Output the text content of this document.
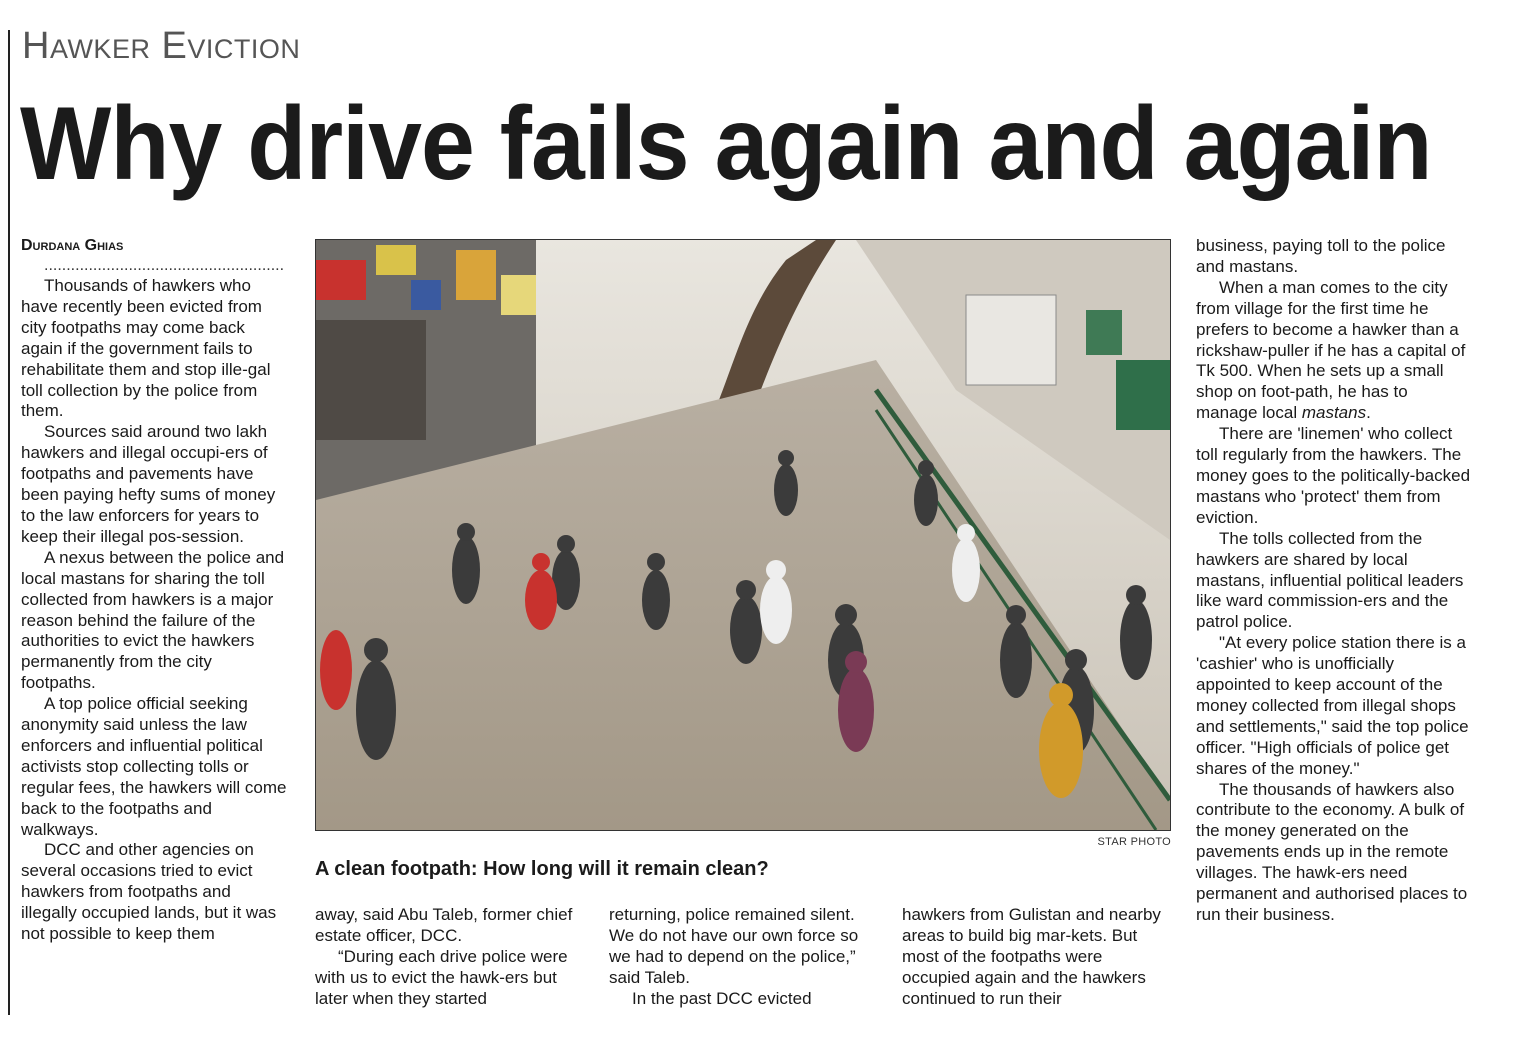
Hawker Eviction
Why drive fails again and again

Durdana Ghias

......................................................

Thousands of hawkers who have recently been evicted from city footpaths may come back again if the government fails to rehabilitate them and stop ille-gal toll collection by the police from them.

Sources said around two lakh hawkers and illegal occupi-ers of footpaths and pavements have been paying hefty sums of money to the law enforcers for years to keep their illegal pos-session.

A nexus between the police and local mastans for sharing the toll collected from hawkers is a major reason behind the failure of the authorities to evict the hawkers permanently from the city footpaths.

A top police official seeking anonymity said unless the law enforcers and influential political activists stop collecting tolls or regular fees, the hawkers will come back to the footpaths and walkways.

DCC and other agencies on several occasions tried to evict hawkers from footpaths and illegally occupied lands, but it was not possible to keep them

STAR PHOTO

A clean footpath: How long will it remain clean?

away, said Abu Taleb, former chief estate officer, DCC.

“During each drive police were with us to evict the hawk-ers but later when they started

returning, police remained silent. We do not have our own force so we had to depend on the police,” said Taleb.

In the past DCC evicted

hawkers from Gulistan and nearby areas to build big mar-kets. But most of the footpaths were occupied again and the hawkers continued to run their

business, paying toll to the police and mastans.

When a man comes to the city from village for the first time he prefers to become a hawker than a rickshaw-puller if he has a capital of Tk 500. When he sets up a small shop on foot-path, he has to manage local mastans.

There are 'linemen' who collect toll regularly from the hawkers. The money goes to the politically-backed mastans who 'protect' them from eviction.

The tolls collected from the hawkers are shared by local mastans, influential political leaders like ward commission-ers and the patrol police.

"At every police station there is a 'cashier' who is unofficially appointed to keep account of the money collected from illegal shops and settlements," said the top police officer. "High officials of police get shares of the money."

The thousands of hawkers also contribute to the economy. A bulk of the money generated on the pavements ends up in the remote villages. The hawk-ers need permanent and authorised places to run their business.
